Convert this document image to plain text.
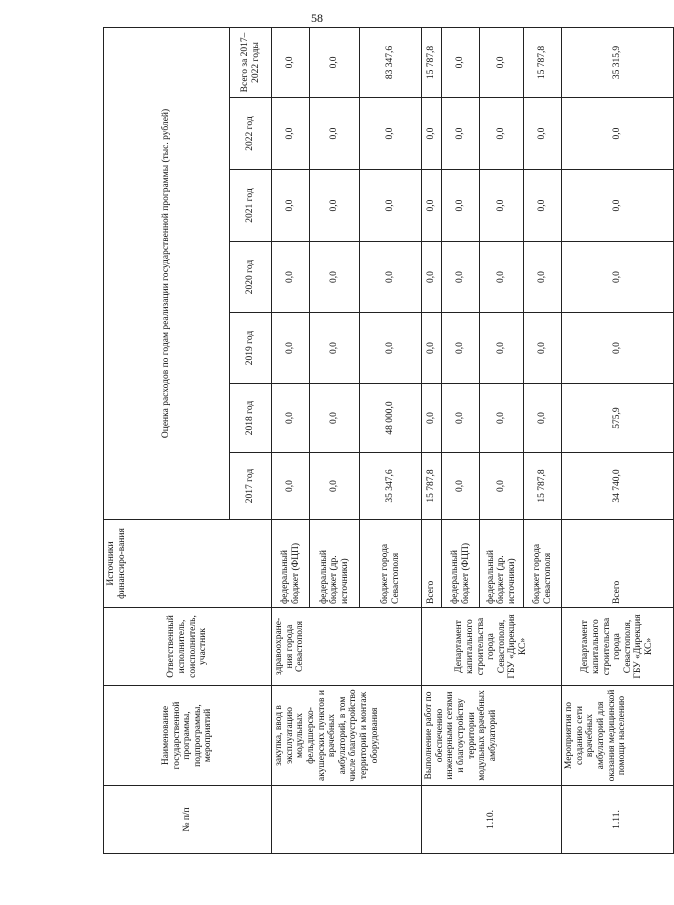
58
№ п/п	Наименование государственной программы, подпрограммы, мероприятий	Ответственный исполнитель, соисполнитель, участник	Источники финансиро-вания	Оценка расходов по годам реализации государственной программы (тыс. рублей)						
				2017 год	2018 год	2019 год	2020 год	2021 год	2022 год	Всего за 2017–2022 годы
	закупка, ввод в эксплуатацию модульных фельдшерско-акушерских пунктов и врачебных амбулаторий, в том числе благоустройство территорий и монтаж оборудования	здравоохране-ния города Севастополя	федеральный бюджет (ФЦП)	0,0	0,0	0,0	0,0	0,0	0,0	0,0
			федеральный бюджет (др. источники)	0,0	0,0	0,0	0,0	0,0	0,0	0,0
			бюджет города Севастополя	35 347,6	48 000,0	0,0	0,0	0,0	0,0	83 347,6
1.10.	Выполнение работ по обеспечению инженерными сетями и благоустройству территории модульных врачебных амбулаторий	Департамент капитального строительства города Севастополя, ГБУ «Дирекция КС»	Всего	15 787,8	0,0	0,0	0,0	0,0	0,0	15 787,8
			федеральный бюджет (ФЦП)	0,0	0,0	0,0	0,0	0,0	0,0	0,0
			федеральный бюджет (др. источники)	0,0	0,0	0,0	0,0	0,0	0,0	0,0
			бюджет города Севастополя	15 787,8	0,0	0,0	0,0	0,0	0,0	15 787,8
1.11.	Мероприятия по созданию сети врачебных амбулаторий для оказания медицинской помощи населению	Департамент капитального строительства города Севастополя, ГБУ «Дирекция КС»	Всего	34 740,0	575,9	0,0	0,0	0,0	0,0	35 315,9
